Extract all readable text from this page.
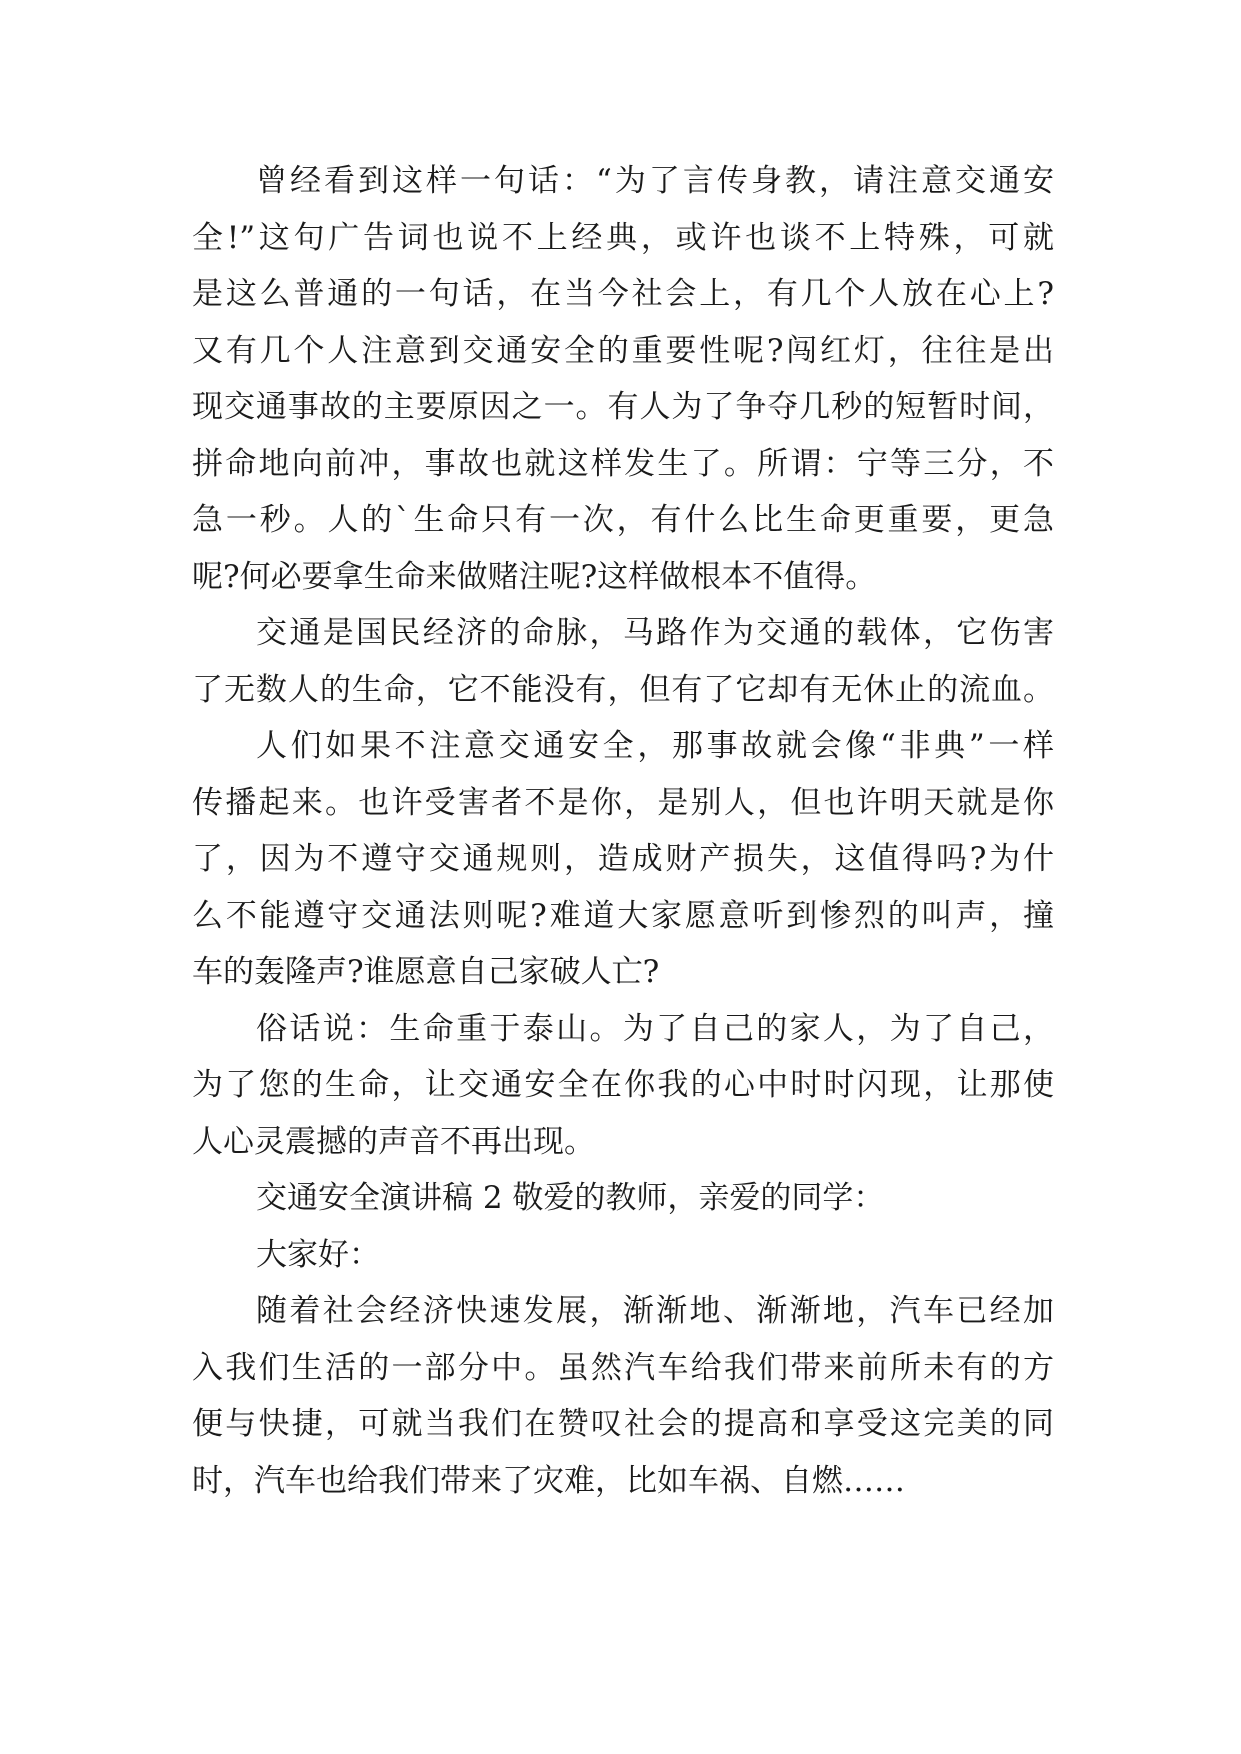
曾经看到这样一句话：“为了言传身教，请注意交通安
全!”这句广告词也说不上经典，或许也谈不上特殊，可就
是这么普通的一句话，在当今社会上，有几个人放在心上?
又有几个人注意到交通安全的重要性呢?闯红灯，往往是出
现交通事故的主要原因之一。有人为了争夺几秒的短暂时间，
拼命地向前冲，事故也就这样发生了。所谓：宁等三分，不
急一秒。人的`生命只有一次，有什么比生命更重要，更急
呢?何必要拿生命来做赌注呢?这样做根本不值得。
交通是国民经济的命脉，马路作为交通的载体，它伤害
了无数人的生命，它不能没有，但有了它却有无休止的流血。
人们如果不注意交通安全，那事故就会像“非典”一样
传播起来。也许受害者不是你，是别人，但也许明天就是你
了，因为不遵守交通规则，造成财产损失，这值得吗?为什
么不能遵守交通法则呢?难道大家愿意听到惨烈的叫声，撞
车的轰隆声?谁愿意自己家破人亡?
俗话说：生命重于泰山。为了自己的家人，为了自己，
为了您的生命，让交通安全在你我的心中时时闪现，让那使
人心灵震撼的声音不再出现。
交通安全演讲稿 2 敬爱的教师，亲爱的同学：
大家好：
随着社会经济快速发展，渐渐地、渐渐地，汽车已经加
入我们生活的一部分中。虽然汽车给我们带来前所未有的方
便与快捷，可就当我们在赞叹社会的提高和享受这完美的同
时，汽车也给我们带来了灾难，比如车祸、自燃……
